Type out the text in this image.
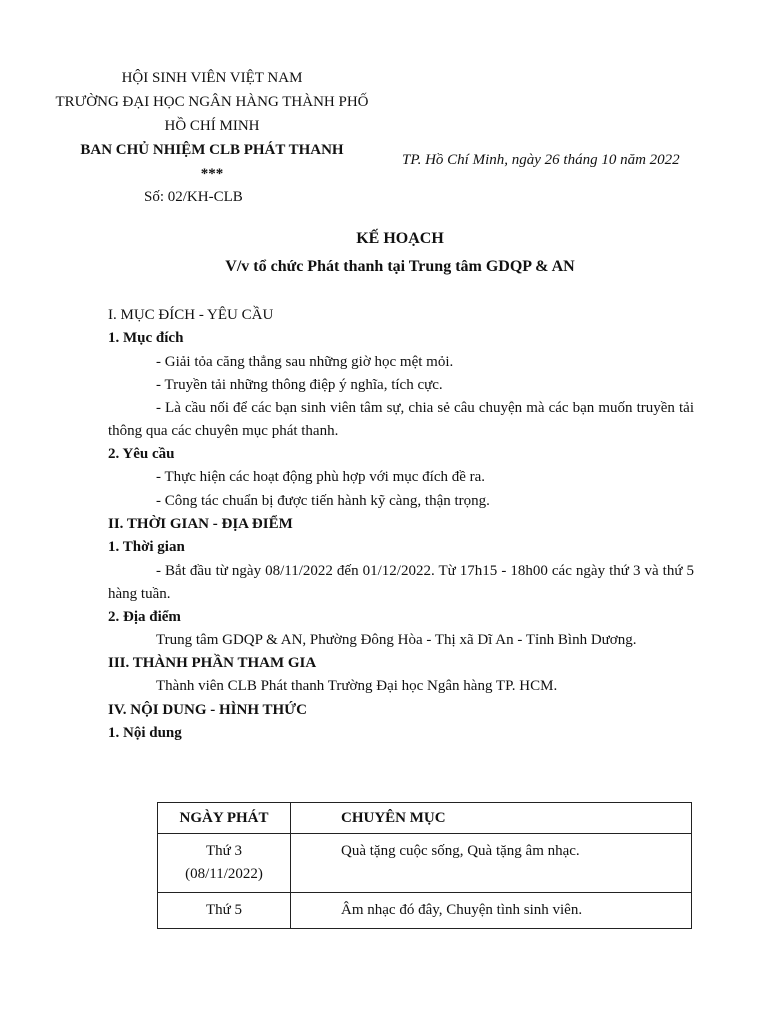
HỘI SINH VIÊN VIỆT NAM
TRƯỜNG ĐẠI HỌC NGÂN HÀNG THÀNH PHỐ
HỒ CHÍ MINH
BAN CHỦ NHIỆM CLB PHÁT THANH
***
TP. Hồ Chí Minh, ngày 26 tháng 10 năm 2022
Số: 02/KH-CLB
KẾ HOẠCH
V/v tổ chức Phát thanh tại Trung tâm GDQP & AN
I. MỤC ĐÍCH - YÊU CẦU
1. Mục đích
- Giải tỏa căng thẳng sau những giờ học mệt mỏi.
- Truyền tải những thông điệp ý nghĩa, tích cực.
- Là cầu nối để các bạn sinh viên tâm sự, chia sẻ câu chuyện mà các bạn muốn truyền tải thông qua các chuyên mục phát thanh.
2. Yêu cầu
- Thực hiện các hoạt động phù hợp với mục đích đề ra.
- Công tác chuẩn bị được tiến hành kỹ càng, thận trọng.
II. THỜI GIAN - ĐỊA ĐIỂM
1. Thời gian
- Bắt đầu từ ngày 08/11/2022 đến 01/12/2022. Từ 17h15 - 18h00 các ngày thứ 3 và thứ 5 hàng tuần.
2. Địa điểm
Trung tâm GDQP & AN, Phường Đông Hòa - Thị xã Dĩ An - Tỉnh Bình Dương.
III. THÀNH PHẦN THAM GIA
Thành viên CLB Phát thanh Trường Đại học Ngân hàng TP. HCM.
IV. NỘI DUNG - HÌNH THỨC
1. Nội dung
NGÀY PHÁT	CHUYÊN MỤC

Thứ 3
(08/11/2022)	Quà tặng cuộc sống, Quà tặng âm nhạc.

Thứ 5	Âm nhạc đó đây, Chuyện tình sinh viên.
